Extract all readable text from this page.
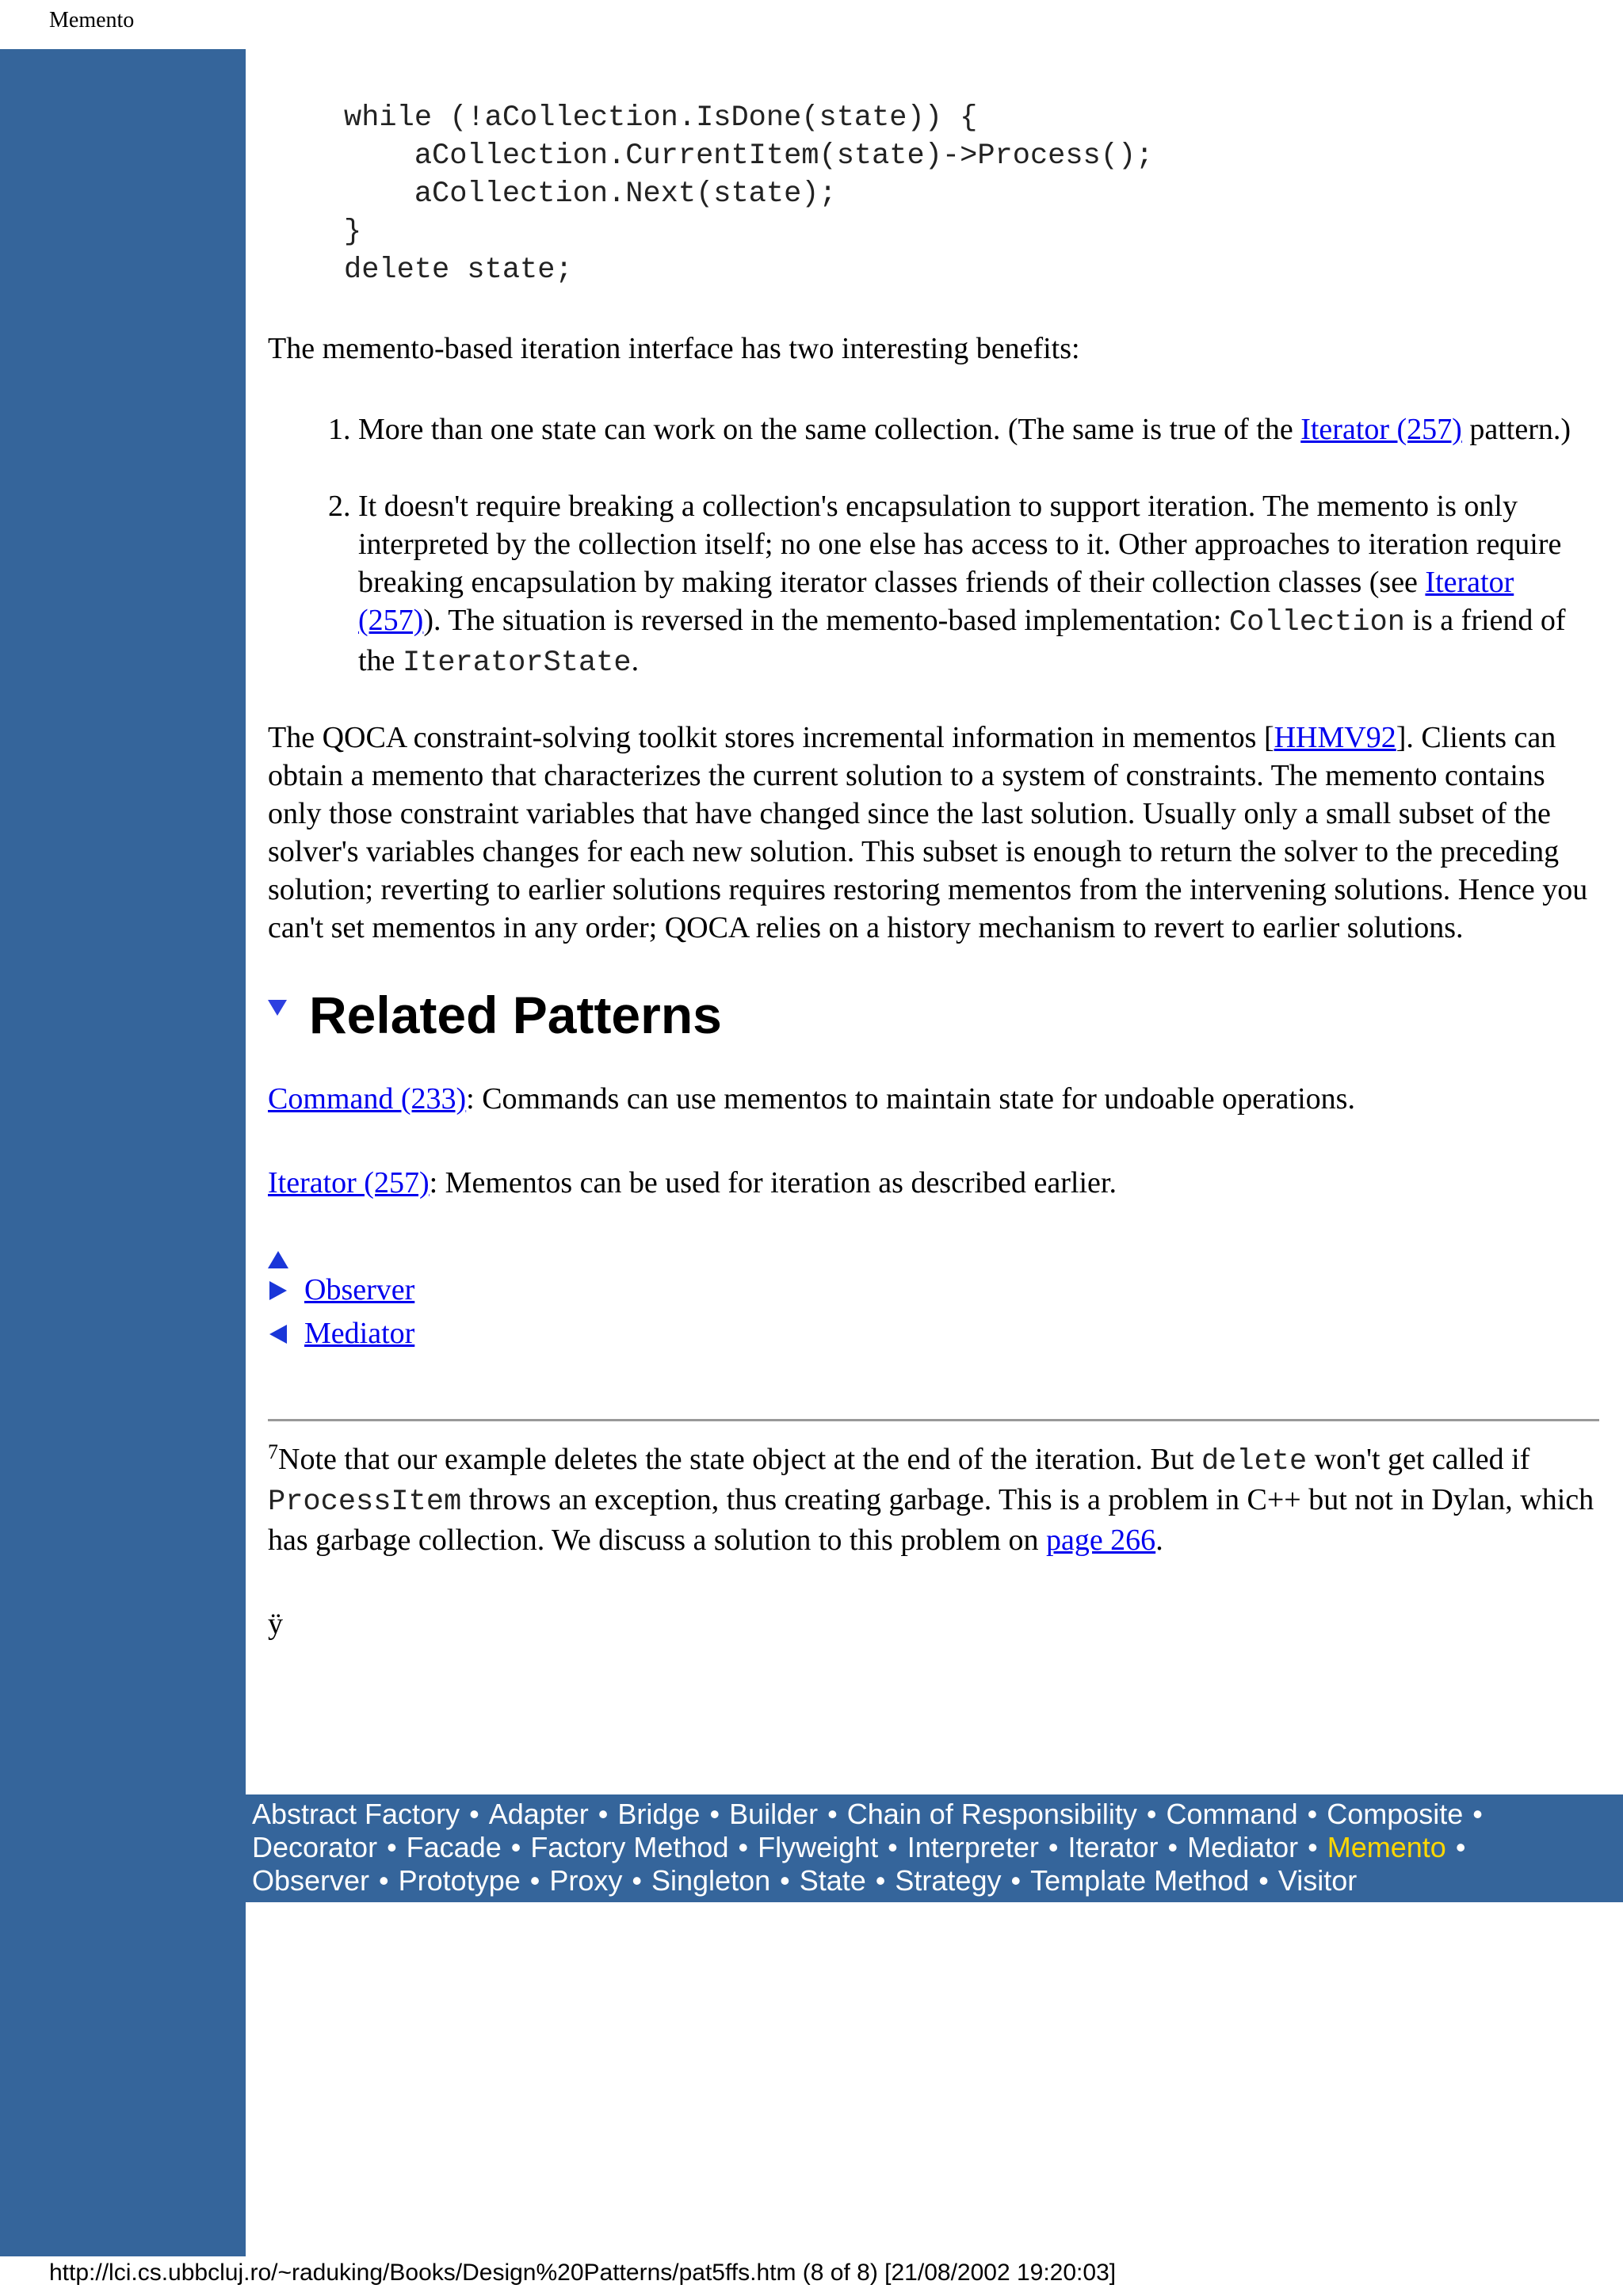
Memento
while (!aCollection.IsDone(state)) {
aCollection.CurrentItem(state)->Process();
aCollection.Next(state);
}
delete state;

The memento-based iteration interface has two interesting benefits:

1. More than one state can work on the same collection. (The same is true of the Iterator (257) pattern.)
2. It doesn't require breaking a collection's encapsulation to support iteration. The memento is only interpreted by the collection itself; no one else has access to it. Other approaches to iteration require breaking encapsulation by making iterator classes friends of their collection classes (see Iterator (257)). The situation is reversed in the memento-based implementation: Collection is a friend of the IteratorState.

The QOCA constraint-solving toolkit stores incremental information in mementos [HHMV92]. Clients can obtain a memento that characterizes the current solution to a system of constraints. The memento contains only those constraint variables that have changed since the last solution. Usually only a small subset of the solver's variables changes for each new solution. This subset is enough to return the solver to the preceding solution; reverting to earlier solutions requires restoring mementos from the intervening solutions. Hence you can't set mementos in any order; QOCA relies on a history mechanism to revert to earlier solutions.

Related Patterns

Command (233): Commands can use mementos to maintain state for undoable operations.

Iterator (257): Mementos can be used for iteration as described earlier.

Observer
Mediator

$^7$Note that our example deletes the state object at the end of the iteration. But delete won't get called if ProcessItem throws an exception, thus creating garbage. This is a problem in C++ but not in Dylan, which has garbage collection. We discuss a solution to this problem on page 266.

ÿ

Abstract Factory • Adapter • Bridge • Builder • Chain of Responsibility • Command • Composite •
Decorator • Facade • Factory Method • Flyweight • Interpreter • Iterator • Mediator • Memento •
Observer • Prototype • Proxy • Singleton • State • Strategy • Template Method • Visitor
http://lci.cs.ubbcluj.ro/~raduking/Books/Design%20Patterns/pat5ffs.htm (8 of 8) [21/08/2002 19:20:03]
